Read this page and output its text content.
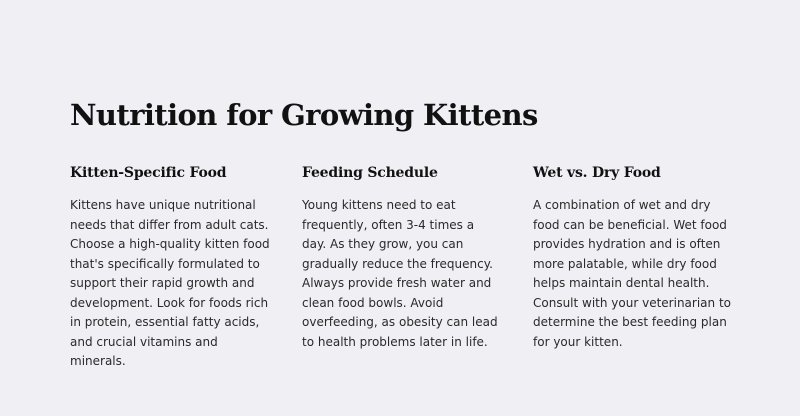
Nutrition for Growing Kittens
Kitten-Specific Food

Kittens have unique nutritional needs that differ from adult cats. Choose a high-quality kitten food that's specifically formulated to support their rapid growth and development. Look for foods rich in protein, essential fatty acids, and crucial vitamins and minerals.

Feeding Schedule

Young kittens need to eat frequently, often 3-4 times a day. As they grow, you can gradually reduce the frequency. Always provide fresh water and clean food bowls. Avoid overfeeding, as obesity can lead to health problems later in life.

Wet vs. Dry Food

A combination of wet and dry food can be beneficial. Wet food provides hydration and is often more palatable, while dry food helps maintain dental health. Consult with your veterinarian to determine the best feeding plan for your kitten.
